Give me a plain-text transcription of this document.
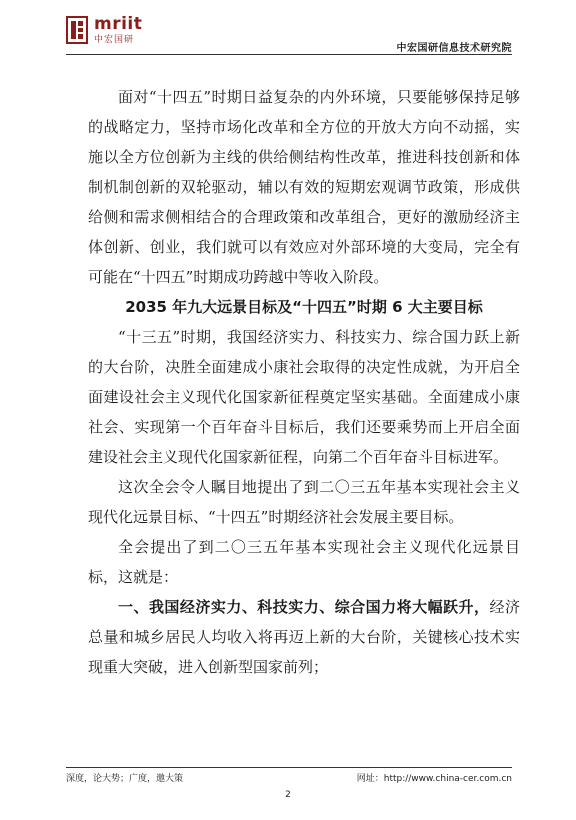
mriit
中宏国研
中宏国研信息技术研究院

面对“十四五”时期日益复杂的内外环境，只要能够保持足够的战略定力，坚持市场化改革和全方位的开放大方向不动摇，实施以全方位创新为主线的供给侧结构性改革，推进科技创新和体制机制创新的双轮驱动，辅以有效的短期宏观调节政策，形成供给侧和需求侧相结合的合理政策和改革组合，更好的激励经济主体创新、创业，我们就可以有效应对外部环境的大变局，完全有可能在“十四五”时期成功跨越中等收入阶段。

2035 年九大远景目标及“十四五”时期 6 大主要目标

“十三五”时期，我国经济实力、科技实力、综合国力跃上新的大台阶，决胜全面建成小康社会取得的决定性成就，为开启全面建设社会主义现代化国家新征程奠定坚实基础。全面建成小康社会、实现第一个百年奋斗目标后，我们还要乘势而上开启全面建设社会主义现代化国家新征程，向第二个百年奋斗目标进军。

这次全会令人瞩目地提出了到二〇三五年基本实现社会主义现代化远景目标、“十四五”时期经济社会发展主要目标。

全会提出了到二〇三五年基本实现社会主义现代化远景目标，这就是：

一、我国经济实力、科技实力、综合国力将大幅跃升，经济总量和城乡居民人均收入将再迈上新的大台阶，关键核心技术实现重大突破，进入创新型国家前列；

深度，论大势；广度，邀大策	网址：http://www.china-cer.com.cn
2
